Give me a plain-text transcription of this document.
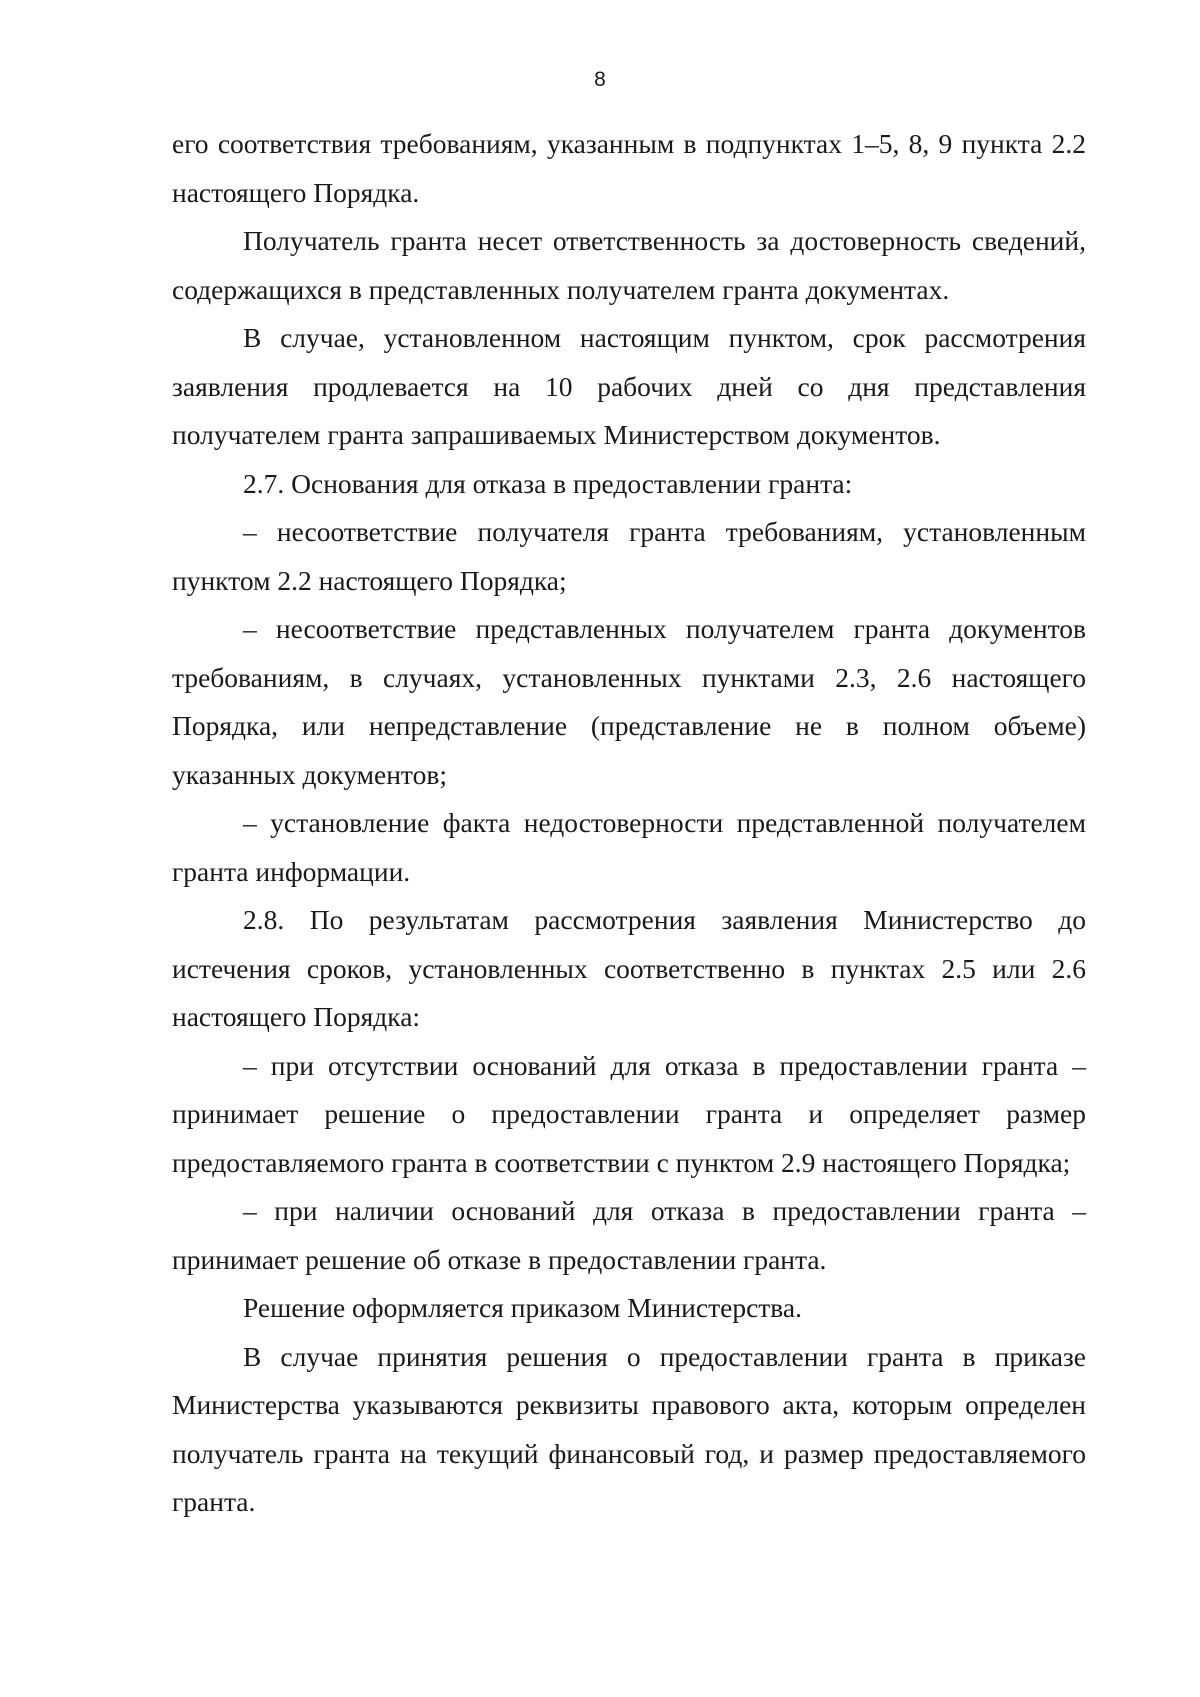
8

его соответствия требованиям, указанным в подпунктах 1–5, 8, 9 пункта 2.2 настоящего Порядка.

Получатель гранта несет ответственность за достоверность сведений, содержащихся в представленных получателем гранта документах.

В случае, установленном настоящим пунктом, срок рассмотрения заявления продлевается на 10 рабочих дней со дня представления получателем гранта запрашиваемых Министерством документов.

2.7. Основания для отказа в предоставлении гранта:

– несоответствие получателя гранта требованиям, установленным пунктом 2.2 настоящего Порядка;

– несоответствие представленных получателем гранта документов требованиям, в случаях, установленных пунктами 2.3, 2.6 настоящего Порядка, или непредставление (представление не в полном объеме) указанных документов;

– установление факта недостоверности представленной получателем гранта информации.

2.8. По результатам рассмотрения заявления Министерство до истечения сроков, установленных соответственно в пунктах 2.5 или 2.6 настоящего Порядка:

– при отсутствии оснований для отказа в предоставлении гранта – принимает решение о предоставлении гранта и определяет размер предоставляемого гранта в соответствии с пунктом 2.9 настоящего Порядка;

– при наличии оснований для отказа в предоставлении гранта – принимает решение об отказе в предоставлении гранта.

Решение оформляется приказом Министерства.

В случае принятия решения о предоставлении гранта в приказе Министерства указываются реквизиты правового акта, которым определен получатель гранта на текущий финансовый год, и размер предоставляемого гранта.
